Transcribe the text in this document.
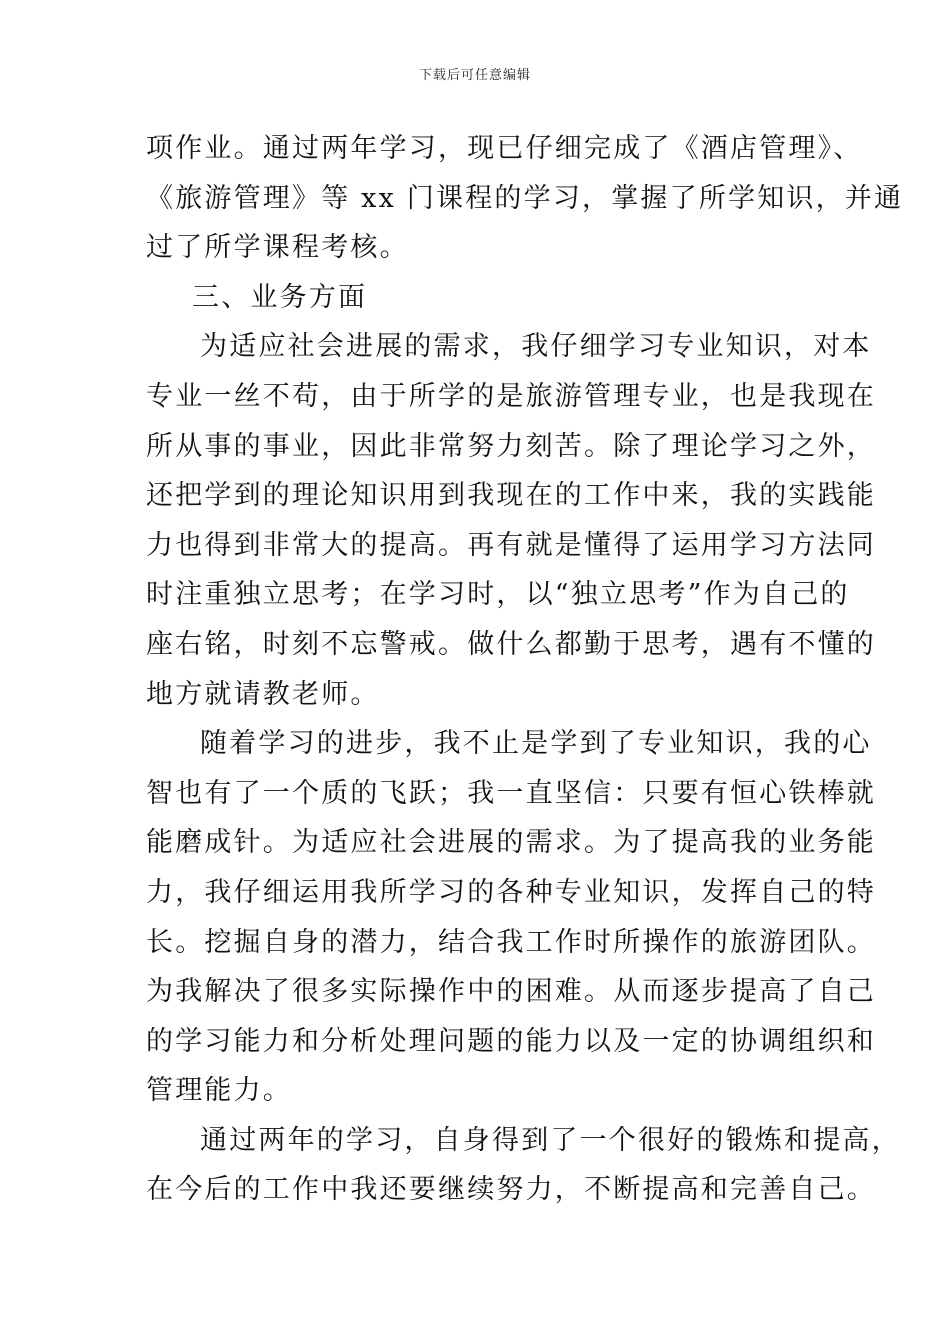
下载后可任意编辑
项作业。通过两年学习，现已仔细完成了《酒店管理》、
《旅游管理》等 xx 门课程的学习，掌握了所学知识，并通
过了所学课程考核。
三、业务方面
为适应社会进展的需求，我仔细学习专业知识，对本
专业一丝不苟，由于所学的是旅游管理专业，也是我现在
所从事的事业，因此非常努力刻苦。除了理论学习之外，
还把学到的理论知识用到我现在的工作中来，我的实践能
力也得到非常大的提高。再有就是懂得了运用学习方法同
时注重独立思考；在学习时，以“独立思考”作为自己的
座右铭，时刻不忘警戒。做什么都勤于思考，遇有不懂的
地方就请教老师。
随着学习的进步，我不止是学到了专业知识，我的心
智也有了一个质的飞跃；我一直坚信：只要有恒心铁棒就
能磨成针。为适应社会进展的需求。为了提高我的业务能
力，我仔细运用我所学习的各种专业知识，发挥自己的特
长。挖掘自身的潜力，结合我工作时所操作的旅游团队。
为我解决了很多实际操作中的困难。从而逐步提高了自己
的学习能力和分析处理问题的能力以及一定的协调组织和
管理能力。
通过两年的学习，自身得到了一个很好的锻炼和提高，
在今后的工作中我还要继续努力，不断提高和完善自己。
